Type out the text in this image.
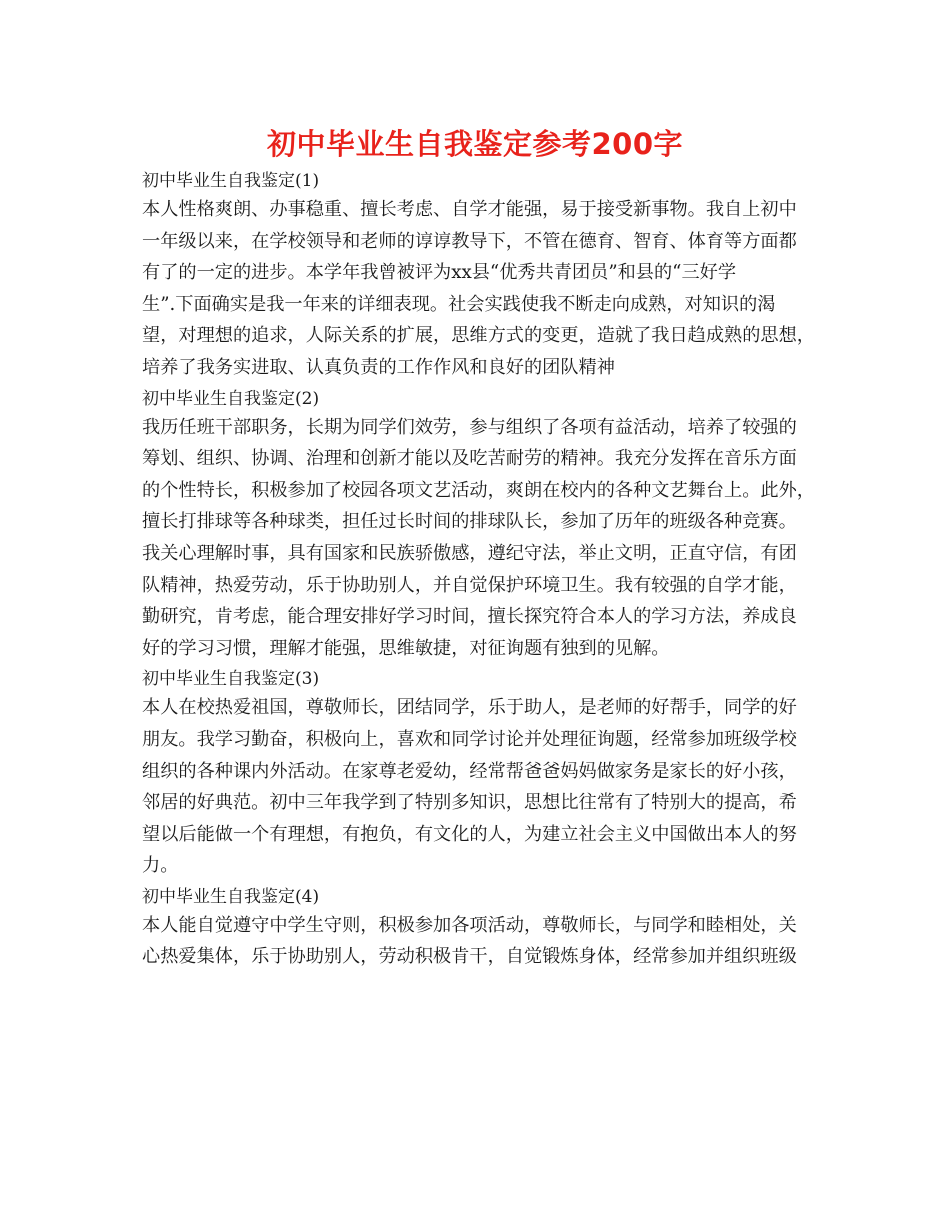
初中毕业生自我鉴定参考200字
初中毕业生自我鉴定(1)
本人性格爽朗、办事稳重、擅长考虑、自学才能强，易于接受新事物。我自上初中
一年级以来，在学校领导和老师的谆谆教导下，不管在德育、智育、体育等方面都
有了的一定的进步。本学年我曾被评为xx县“优秀共青团员”和县的“三好学
生”.下面确实是我一年来的详细表现。社会实践使我不断走向成熟，对知识的渴
望，对理想的追求，人际关系的扩展，思维方式的变更，造就了我日趋成熟的思想，
培养了我务实进取、认真负责的工作作风和良好的团队精神
初中毕业生自我鉴定(2)
我历任班干部职务，长期为同学们效劳，参与组织了各项有益活动，培养了较强的
筹划、组织、协调、治理和创新才能以及吃苦耐劳的精神。我充分发挥在音乐方面
的个性特长，积极参加了校园各项文艺活动，爽朗在校内的各种文艺舞台上。此外，
擅长打排球等各种球类，担任过长时间的排球队长，参加了历年的班级各种竞赛。
我关心理解时事，具有国家和民族骄傲感，遵纪守法，举止文明，正直守信，有团
队精神，热爱劳动，乐于协助别人，并自觉保护环境卫生。我有较强的自学才能，
勤研究，肯考虑，能合理安排好学习时间，擅长探究符合本人的学习方法，养成良
好的学习习惯，理解才能强，思维敏捷，对征询题有独到的见解。
初中毕业生自我鉴定(3)
本人在校热爱祖国，尊敬师长，团结同学，乐于助人，是老师的好帮手，同学的好
朋友。我学习勤奋，积极向上，喜欢和同学讨论并处理征询题，经常参加班级学校
组织的各种课内外活动。在家尊老爱幼，经常帮爸爸妈妈做家务是家长的好小孩，
邻居的好典范。初中三年我学到了特别多知识，思想比往常有了特别大的提高，希
望以后能做一个有理想，有抱负，有文化的人，为建立社会主义中国做出本人的努
力。
初中毕业生自我鉴定(4)
本人能自觉遵守中学生守则，积极参加各项活动，尊敬师长，与同学和睦相处，关
心热爱集体，乐于协助别人，劳动积极肯干，自觉锻炼身体，经常参加并组织班级
